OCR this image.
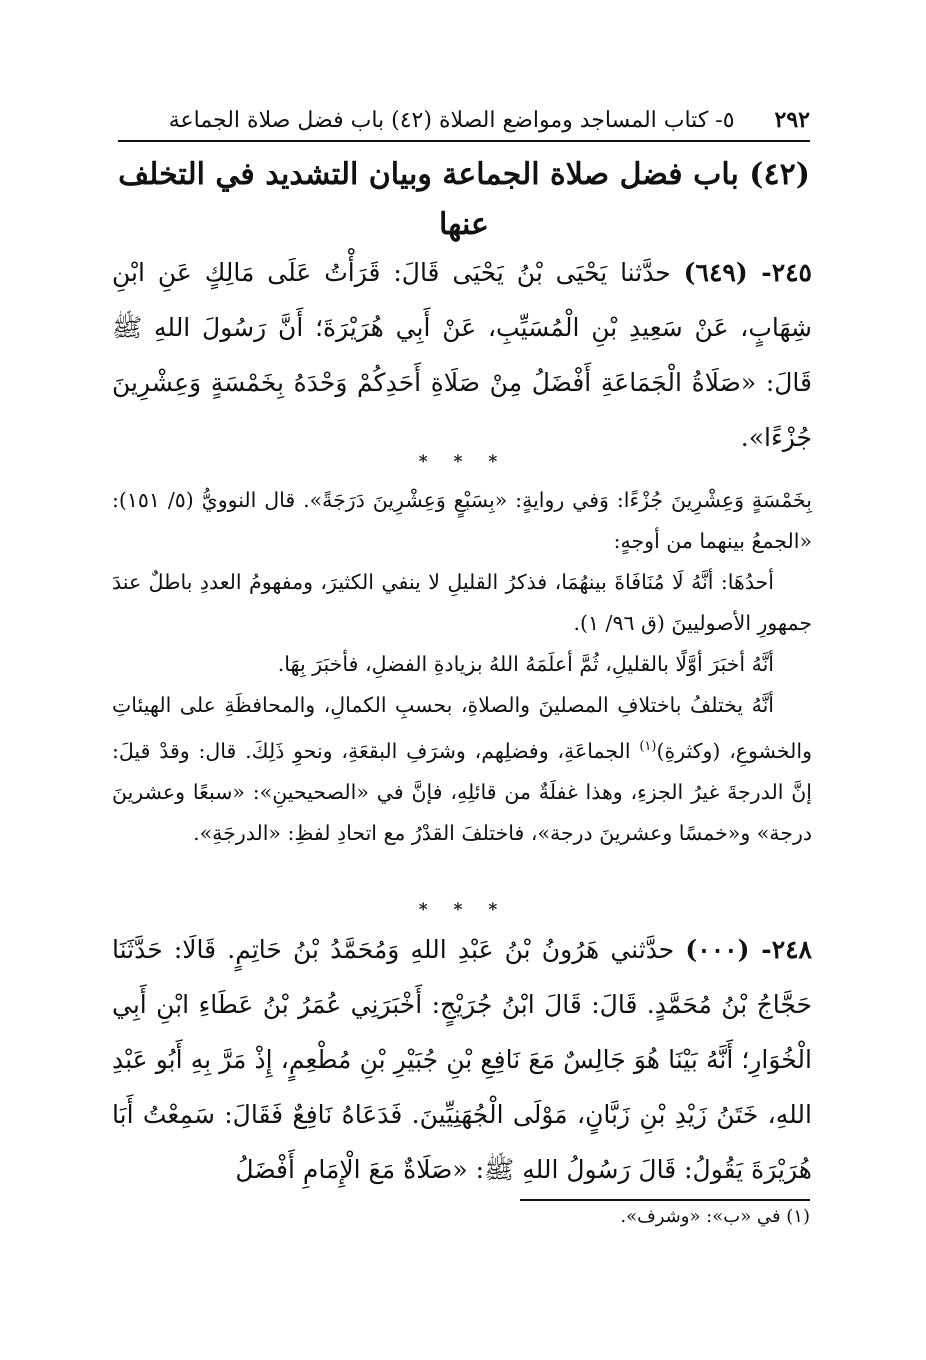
٢٩٢
٥- كتاب المساجد ومواضع الصلاة (٤٢) باب فضل صلاة الجماعة
(٤٢) باب فضل صلاة الجماعة وبيان التشديد في التخلف عنها
٢٤٥- (٦٤٩) حدَّثنا يَحْيَى بْنُ يَحْيَى قَالَ: قَرَأْتُ عَلَى مَالِكٍ عَنِ ابْنِ شِهَابٍ، عَنْ سَعِيدِ بْنِ الْمُسَيِّبِ، عَنْ أَبِي هُرَيْرَةَ؛ أَنَّ رَسُولَ اللهِ ﷺ قَالَ: «صَلَاةُ الْجَمَاعَةِ أَفْضَلُ مِنْ صَلَاةِ أَحَدِكُمْ وَحْدَهُ بِخَمْسَةٍ وَعِشْرِينَ جُزْءًا».
* * *

بِخَمْسَةٍ وَعِشْرِينَ جُزْءًا: وَفي روايةٍ: «بِسَبْعٍ وَعِشْرِينَ دَرَجَةً». قال النوويُّ (٥/ ١٥١): «الجمعُ بينهما من أوجهٍ:

أحدُهَا: أنَّهُ لَا مُنَافَاةَ بينهُمَا، فذكرُ القليلِ لا ينفي الكثيرَ، ومفهومُ العددِ باطلٌ عندَ جمهورِ الأصوليينَ (ق ٩٦/ ١).

أنَّهُ أخبَرَ أوَّلًا بالقليلِ، ثُمَّ أعلَمَهُ اللهُ بزيادةِ الفضلِ، فأخبَرَ بِهَا.

أنَّهُ يختلفُ باختلافِ المصلينَ والصلاةِ، بحسبِ الكمالِ، والمحافظَةِ على الهيئاتِ والخشوعِ، (وكثرةِ)$^{(١)}$ الجماعَةِ، وفضلِهم، وشرَفِ البقعَةِ، ونحوِ ذَلِكَ. قال: وقدْ قيلَ: إنَّ الدرجةَ غيرُ الجزءِ، وهذا غفلَةٌ من قائلِهِ، فإنَّ في «الصحيحينِ»: «سبعًا وعشرينَ درجة» و«خمسًا وعشرينَ درجة»، فاختلفَ القدْرُ مع اتحادِ لفظِ: «الدرجَةِ».

* * *
٢٤٨- (٠٠٠) حدَّثني هَرُونُ بْنُ عَبْدِ اللهِ وَمُحَمَّدُ بْنُ حَاتِمٍ. قَالَا: حَدَّثَنَا حَجَّاجُ بْنُ مُحَمَّدٍ. قَالَ: قَالَ ابْنُ جُرَيْجٍ: أَخْبَرَنِي عُمَرُ بْنُ عَطَاءِ ابْنِ أَبِي الْخُوَارِ؛ أَنَّهُ بَيْنَا هُوَ جَالِسٌ مَعَ نَافِعِ بْنِ جُبَيْرِ بْنِ مُطْعِمٍ، إِذْ مَرَّ بِهِ أَبُو عَبْدِ اللهِ، خَتَنُ زَيْدِ بْنِ زَبَّانٍ، مَوْلَى الْجُهَنِيِّينَ. فَدَعَاهُ نَافِعٌ فَقَالَ: سَمِعْتُ أَبَا هُرَيْرَةَ يَقُولُ: قَالَ رَسُولُ اللهِ ﷺ: «صَلَاةٌ مَعَ الْإِمَامِ أَفْضَلُ
(١) في «ب»: «وشرف».
